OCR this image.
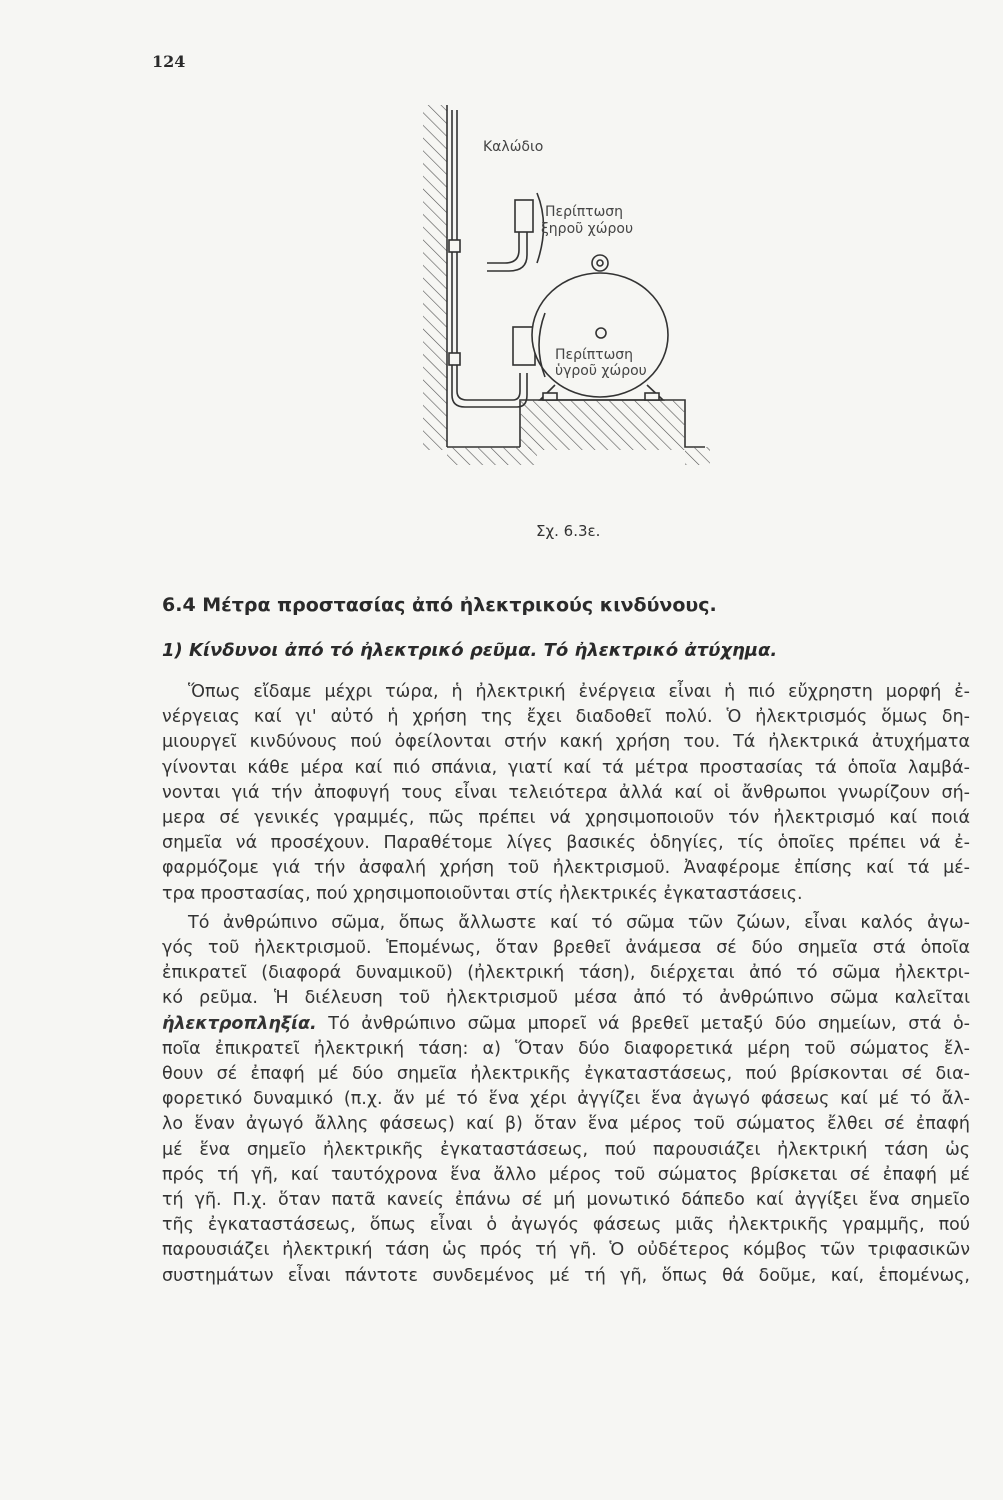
124
Καλώδιο
Περίπτωση
ξηροῦ χώρου
Περίπτωση
ὑγροῦ χώρου
Σχ. 6.3ε.
6.4 Μέτρα προστασίας ἀπό ἠλεκτρικούς κινδύνους.
1) Κίνδυνοι ἀπό τό ἠλεκτρικό ρεῦμα. Τό ἠλεκτρικό ἀτύχημα.

Ὅπως εἴδαμε μέχρι τώρα, ἡ ἠλεκτρική ἐνέργεια εἶναι ἡ πιό εὔχρηστη μορφή ἐ-
νέργειας καί γι' αὐτό ἡ χρήση της ἔχει διαδοθεῖ πολύ. Ὁ ἠλεκτρισμός ὅμως δη-
μιουργεῖ κινδύνους πού ὀφείλονται στήν κακή χρήση του. Τά ἠλεκτρικά ἀτυχήματα
γίνονται κάθε μέρα καί πιό σπάνια, γιατί καί τά μέτρα προστασίας τά ὁποῖα λαμβά-
νονται γιά τήν ἀποφυγή τους εἶναι τελειότερα ἀλλά καί οἱ ἄνθρωποι γνωρίζουν σή-
μερα σέ γενικές γραμμές, πῶς πρέπει νά χρησιμοποιοῦν τόν ἠλεκτρισμό καί ποιά
σημεῖα νά προσέχουν. Παραθέτομε λίγες βασικές ὁδηγίες, τίς ὁποῖες πρέπει νά ἐ-
φαρμόζομε γιά τήν ἀσφαλή χρήση τοῦ ἠλεκτρισμοῦ. Ἀναφέρομε ἐπίσης καί τά μέ-
τρα προστασίας, πού χρησιμοποιοῦνται στίς ἠλεκτρικές ἐγκαταστάσεις.

Τό ἀνθρώπινο σῶμα, ὅπως ἄλλωστε καί τό σῶμα τῶν ζώων, εἶναι καλός ἀγω-
γός τοῦ ἠλεκτρισμοῦ. Ἑπομένως, ὅταν βρεθεῖ ἀνάμεσα σέ δύο σημεῖα στά ὁποῖα
ἐπικρατεῖ (διαφορά δυναμικοῦ) (ἠλεκτρική τάση), διέρχεται ἀπό τό σῶμα ἠλεκτρι-
κό ρεῦμα. Ἡ διέλευση τοῦ ἠλεκτρισμοῦ μέσα ἀπό τό ἀνθρώπινο σῶμα καλεῖται
ἠλεκτροπληξία. Τό ἀνθρώπινο σῶμα μπορεῖ νά βρεθεῖ μεταξύ δύο σημείων, στά ὁ-
ποῖα ἐπικρατεῖ ἠλεκτρική τάση: α) Ὅταν δύο διαφορετικά μέρη τοῦ σώματος ἔλ-
θουν σέ ἐπαφή μέ δύο σημεῖα ἠλεκτρικῆς ἐγκαταστάσεως, πού βρίσκονται σέ δια-
φορετικό δυναμικό (π.χ. ἄν μέ τό ἕνα χέρι ἀγγίζει ἕνα ἀγωγό φάσεως καί μέ τό ἄλ-
λο ἕναν ἀγωγό ἄλλης φάσεως) καί β) ὅταν ἕνα μέρος τοῦ σώματος ἔλθει σέ ἐπαφή
μέ ἕνα σημεῖο ἠλεκτρικῆς ἐγκαταστάσεως, πού παρουσιάζει ἠλεκτρική τάση ὡς
πρός τή γῆ, καί ταυτόχρονα ἕνα ἄλλο μέρος τοῦ σώματος βρίσκεται σέ ἐπαφή μέ
τή γῆ. Π.χ. ὅταν πατᾶ κανείς ἐπάνω σέ μή μονωτικό δάπεδο καί ἀγγίξει ἕνα σημεῖο
τῆς ἐγκαταστάσεως, ὅπως εἶναι ὁ ἀγωγός φάσεως μιᾶς ἠλεκτρικῆς γραμμῆς, πού
παρουσιάζει ἠλεκτρική τάση ὡς πρός τή γῆ. Ὁ οὐδέτερος κόμβος τῶν τριφασικῶν
συστημάτων εἶναι πάντοτε συνδεμένος μέ τή γῆ, ὅπως θά δοῦμε, καί, ἑπομένως,
